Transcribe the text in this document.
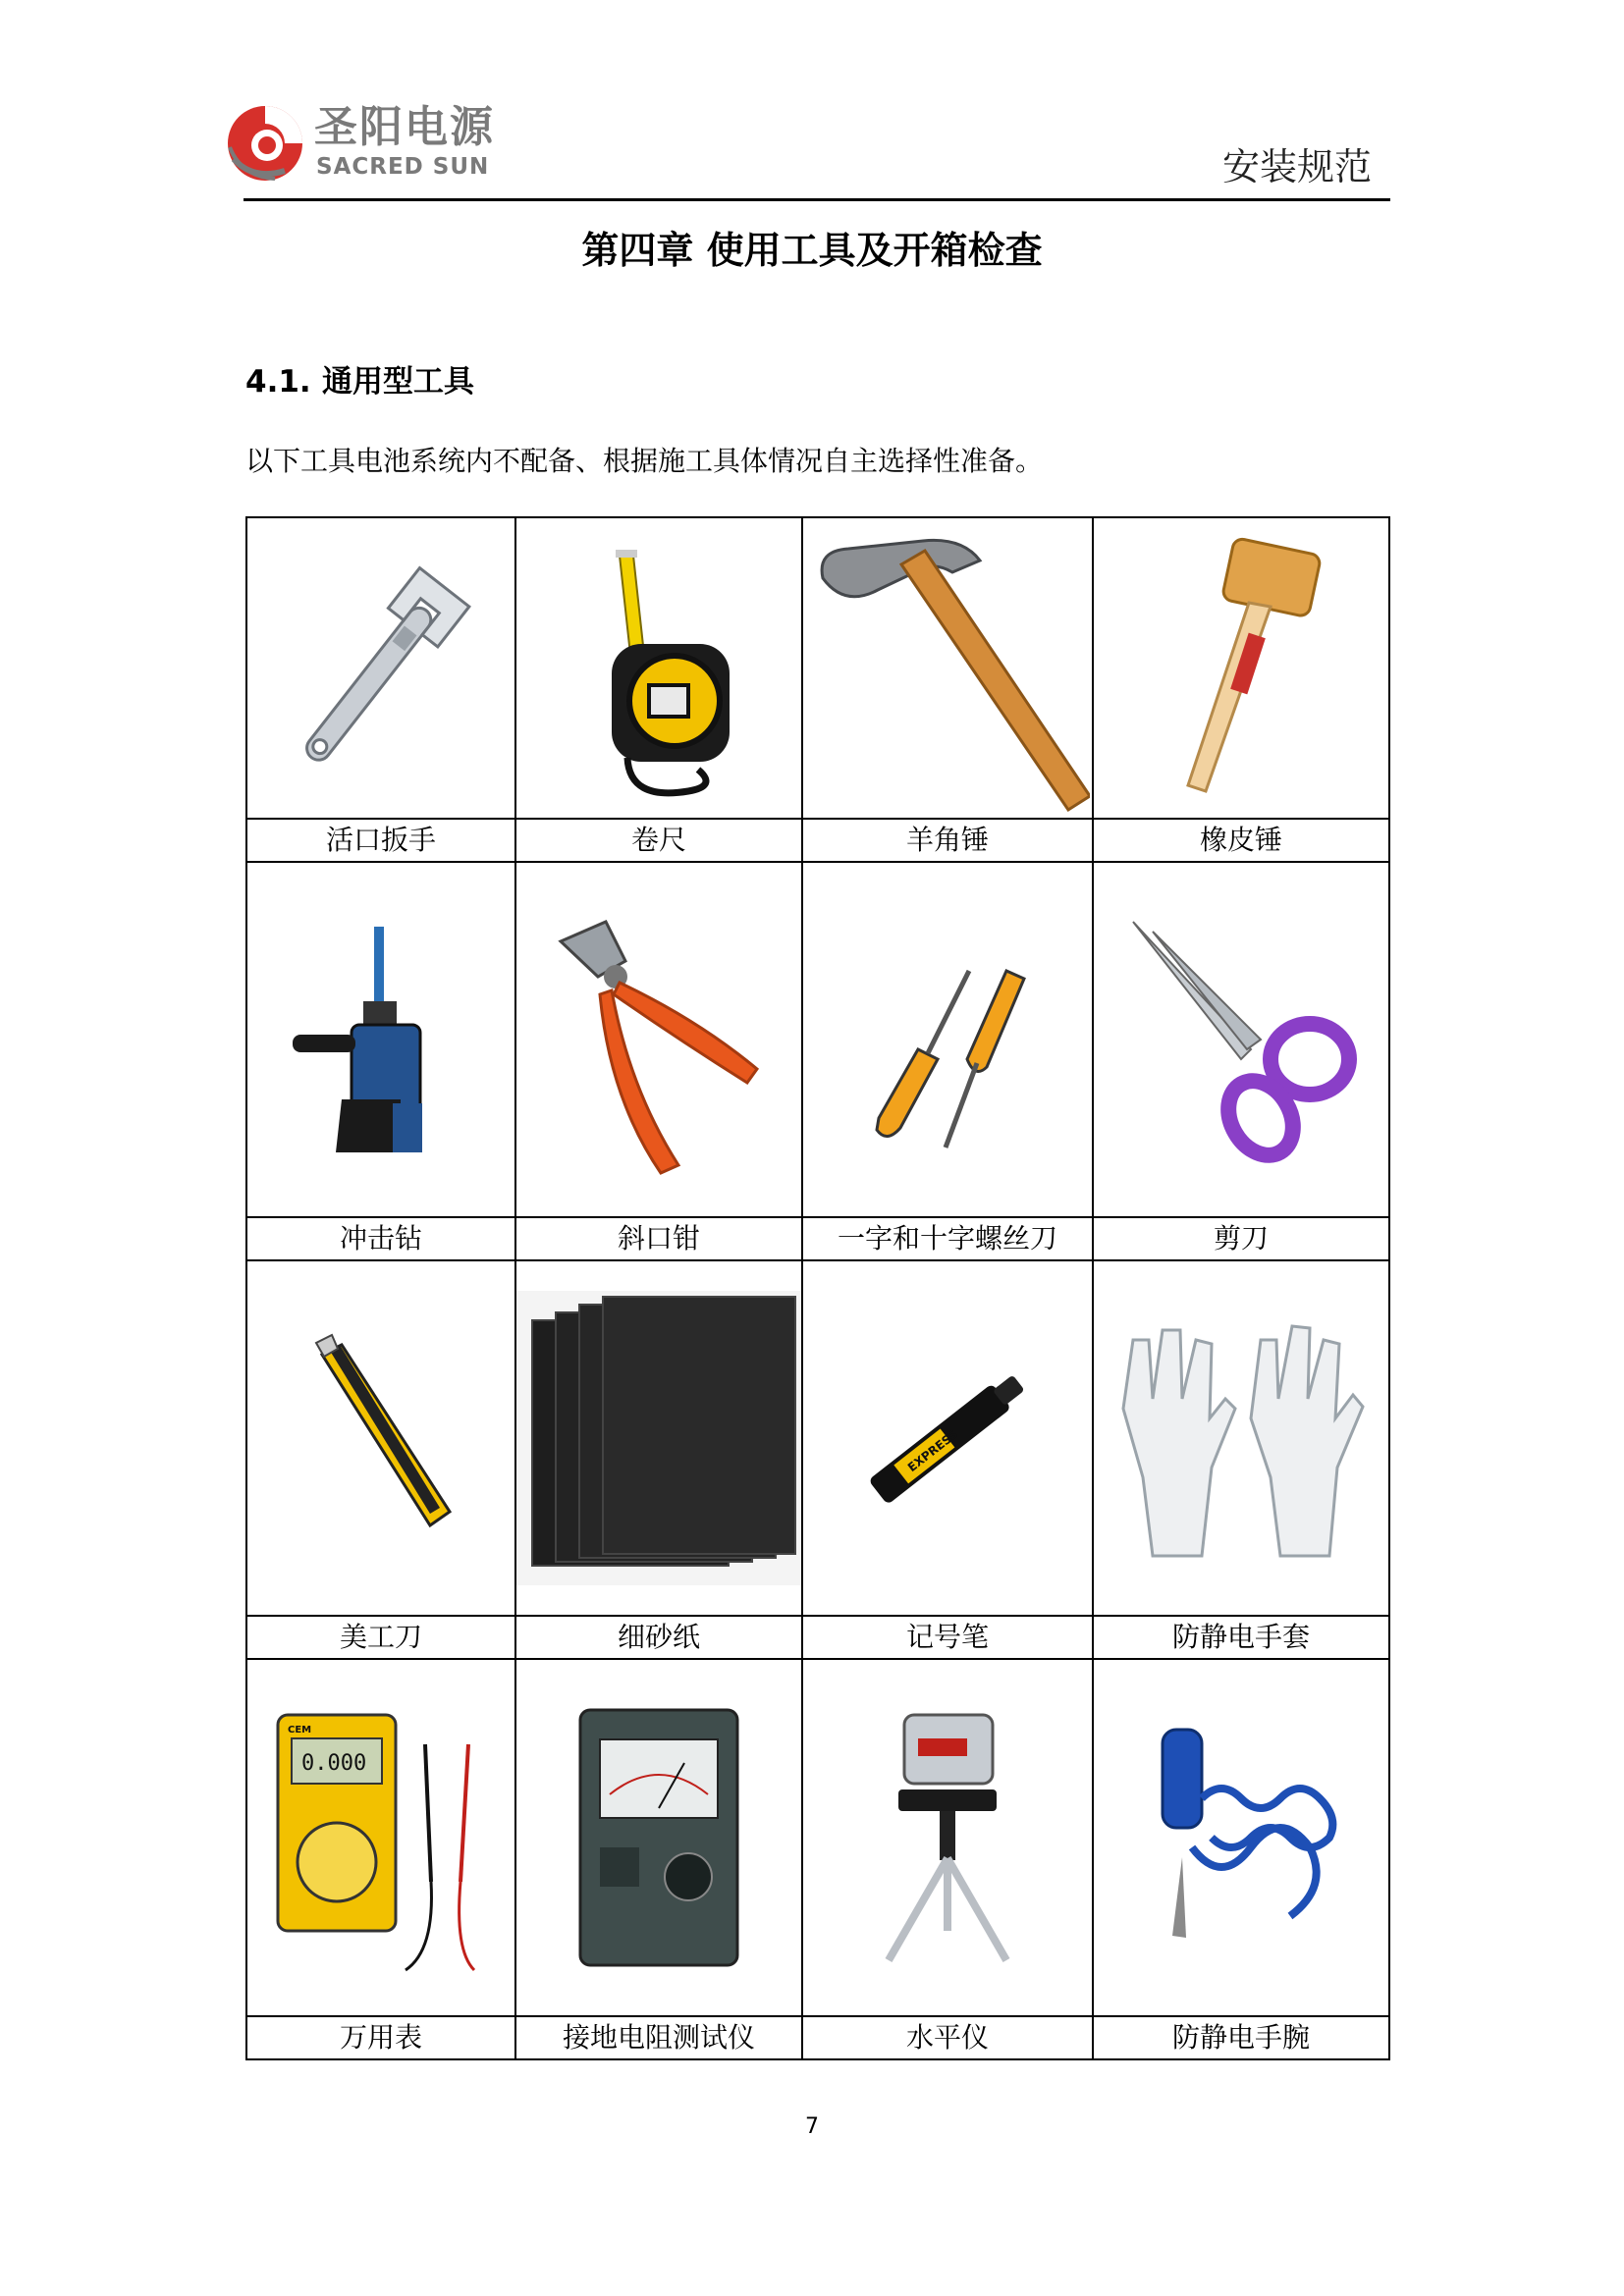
圣阳电源
SACRED SUN	安装规范
第四章 使用工具及开箱检查
4.1. 通用型工具
以下工具电池系统内不配备、根据施工具体情况自主选择性准备。

活口扳手	卷尺	羊角锤	橡皮锤

冲击钻	斜口钳	一字和十字螺丝刀	剪刀

EXPRESS

美工刀	细砂纸	记号笔	防静电手套

0.000
CEM

万用表	接地电阻测试仪	水平仪	防静电手腕
7
